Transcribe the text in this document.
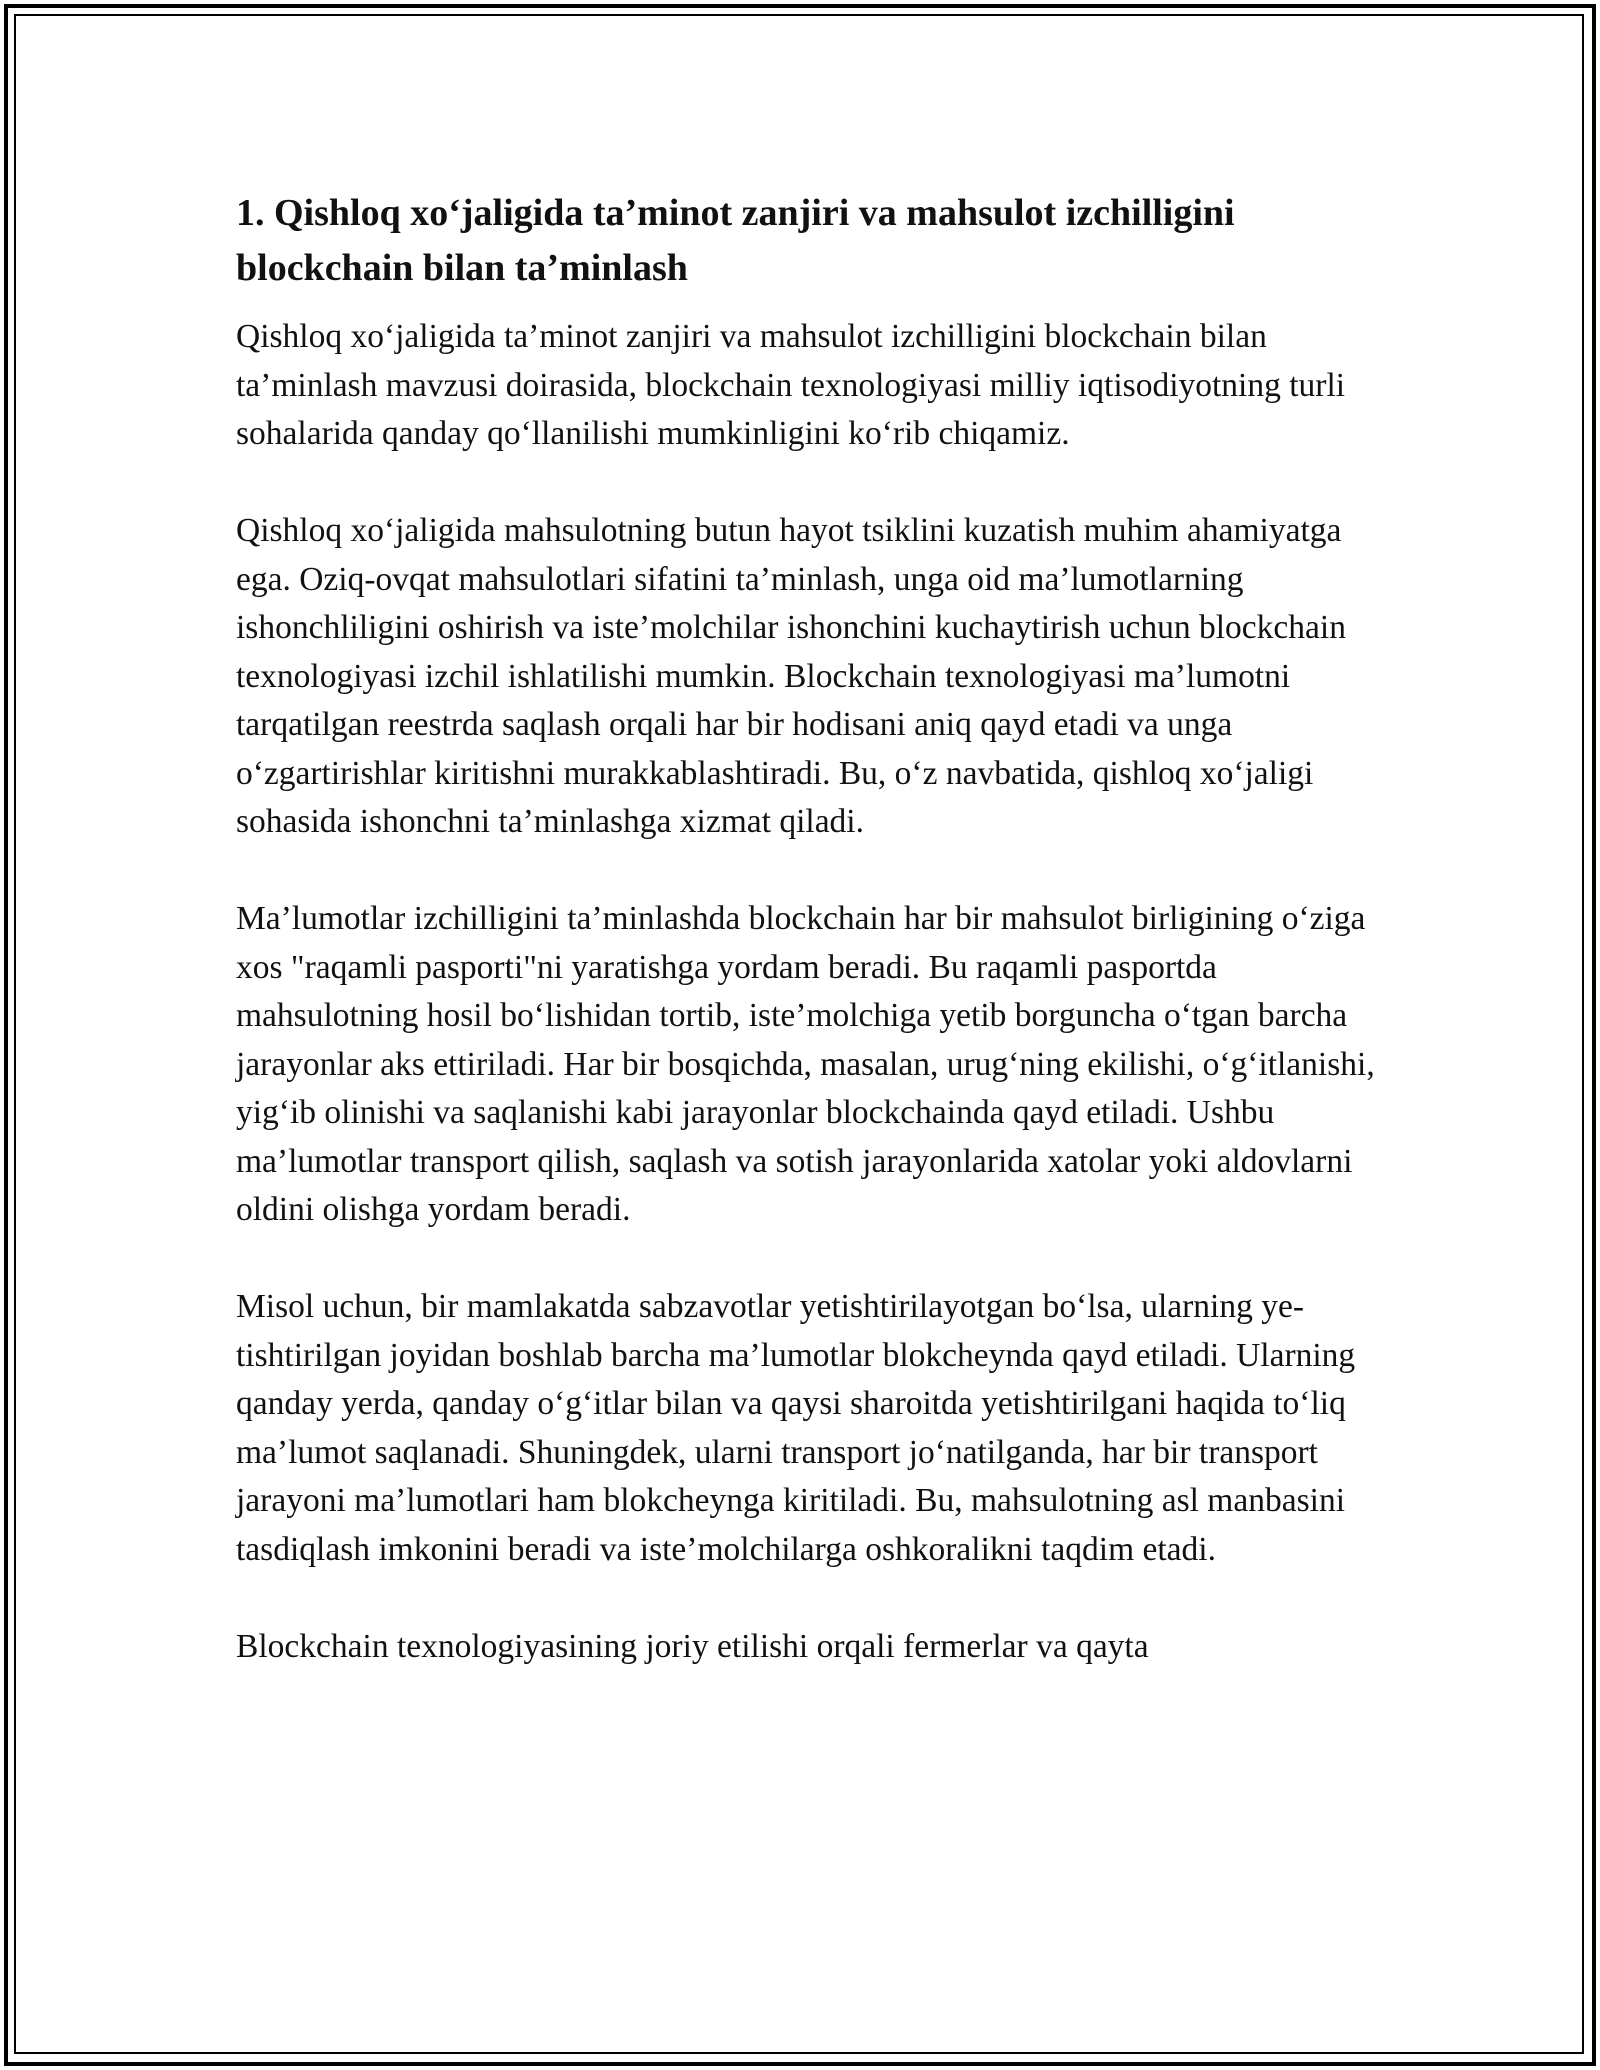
1. Qishloq xo‘jaligida ta’minot zanjiri va mahsulot izchilligini blockchain bilan ta’minlash

Qishloq xo‘jaligida ta’minot zanjiri va mahsulot izchilligini blockchain bilan ta’minlash mavzusi doirasida, blockchain texnologiyasi milliy iqtisodiyotning turli sohalarida qanday qo‘llanilishi mumkinligini ko‘rib chiqamiz.

Qishloq xo‘jaligida mahsulotning butun hayot tsiklini kuzatish muhim ahamiyatga ega. Oziq-ovqat mahsulotlari sifatini ta’minlash, unga oid ma’lumotlarning ishonchliligini oshirish va iste’molchilar ishonchini kuchaytirish uchun blockchain texnologiyasi izchil ishlatilishi mumkin. Blockchain texnologiyasi ma’lumotni tarqatilgan reestrda saqlash orqali har bir hodisani aniq qayd etadi va unga o‘zgartirishlar kiritishni murakkablashtiradi. Bu, o‘z navbatida, qishloq xo‘jaligi sohasida ishonchni ta’minlashga xizmat qiladi.

Ma’lumotlar izchilligini ta’minlashda blockchain har bir mahsulot birligining o‘ziga xos "raqamli pasporti"ni yaratishga yordam beradi. Bu raqamli pasportda mahsulotning hosil bo‘lishidan tortib, iste’molchiga yetib borguncha o‘tgan barcha jarayonlar aks ettiriladi. Har bir bosqichda, masalan, urug‘ning ekilishi, o‘g‘itlanishi, yig‘ib olinishi va saqlanishi kabi jarayonlar blockchainda qayd etiladi. Ushbu ma’lumotlar transport qilish, saqlash va sotish jarayonlarida xatolar yoki aldovlarni oldini olishga yordam beradi.

Misol uchun, bir mamlakatda sabzavotlar yetishtirilayotgan bo‘lsa, ularning ye-tishtirilgan joyidan boshlab barcha ma’lumotlar blokcheynda qayd etiladi. Ularning qanday yerda, qanday o‘g‘itlar bilan va qaysi sharoitda yetishtirilgani haqida to‘liq ma’lumot saqlanadi. Shuningdek, ularni transport jo‘natilganda, har bir transport jarayoni ma’lumotlari ham blokcheynga kiritiladi. Bu, mahsulotning asl manbasini tasdiqlash imkonini beradi va iste’molchilarga oshkoralikni taqdim etadi.

Blockchain texnologiyasining joriy etilishi orqali fermerlar va qayta
